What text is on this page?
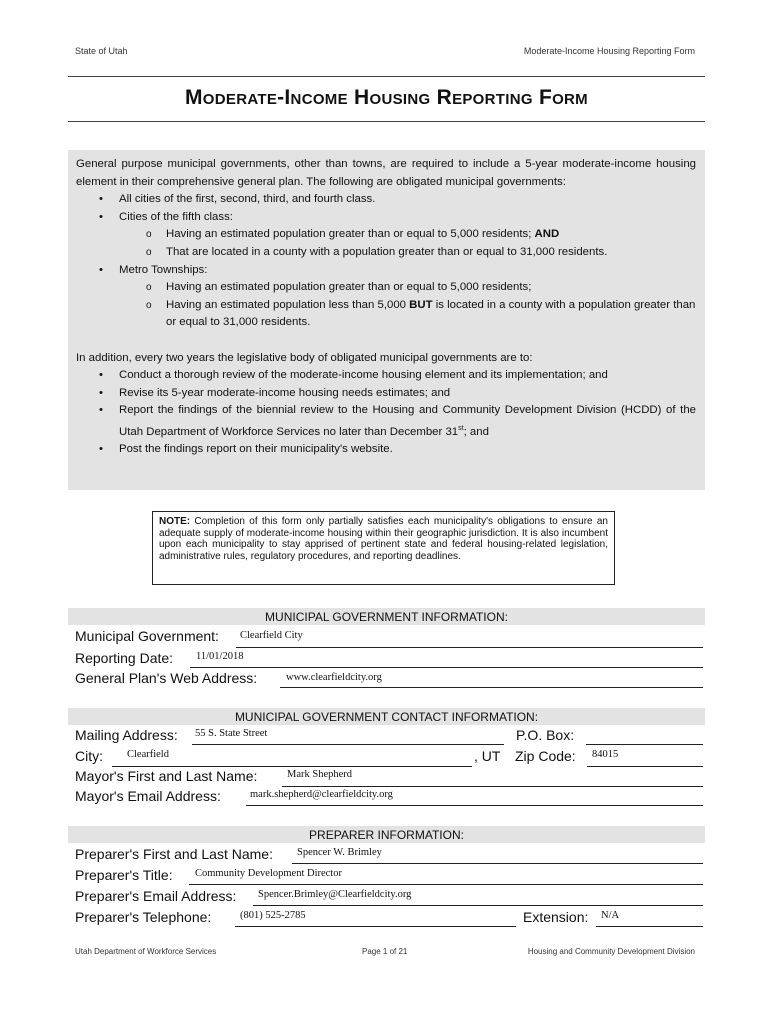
State of Utah	Moderate-Income Housing Reporting Form
Moderate-Income Housing Reporting Form

General purpose municipal governments, other than towns, are required to include a 5-year moderate-income housing element in their comprehensive general plan. The following are obligated municipal governments:

• All cities of the first, second, third, and fourth class.
• Cities of the fifth class:
o Having an estimated population greater than or equal to 5,000 residents; AND
o That are located in a county with a population greater than or equal to 31,000 residents.
• Metro Townships:
o Having an estimated population greater than or equal to 5,000 residents;
o Having an estimated population less than 5,000 BUT is located in a county with a population greater than or equal to 31,000 residents.

In addition, every two years the legislative body of obligated municipal governments are to:

• Conduct a thorough review of the moderate-income housing element and its implementation; and
• Revise its 5-year moderate-income housing needs estimates; and
• Report the findings of the biennial review to the Housing and Community Development Division (HCDD) of the Utah Department of Workforce Services no later than December 31st; and
• Post the findings report on their municipality's website.
NOTE: Completion of this form only partially satisfies each municipality's obligations to ensure an adequate supply of moderate-income housing within their geographic jurisdiction. It is also incumbent upon each municipality to stay apprised of pertinent state and federal housing-related legislation, administrative rules, regulatory procedures, and reporting deadlines.
MUNICIPAL GOVERNMENT INFORMATION:
Municipal Government: Clearfield City
Reporting Date: 11/01/2018
General Plan's Web Address:	www.clearfieldcity.org
MUNICIPAL GOVERNMENT CONTACT INFORMATION:
Mailing Address: 55 S. State Street	P.O. Box:
City: Clearfield	, UT Zip Code: 84015
Mayor's First and Last Name:	Mark Shepherd
Mayor's Email Address:	mark.shepherd@clearfieldcity.org
PREPARER INFORMATION:
Preparer's First and Last Name: Spencer W. Brimley
Preparer's Title: Community Development Director
Preparer's Email Address: Spencer.Brimley@Clearfieldcity.org
Preparer's Telephone:	(801) 525-2785	Extension: N/A
Utah Department of Workforce Services	Page 1 of 21	Housing and Community Development Division
